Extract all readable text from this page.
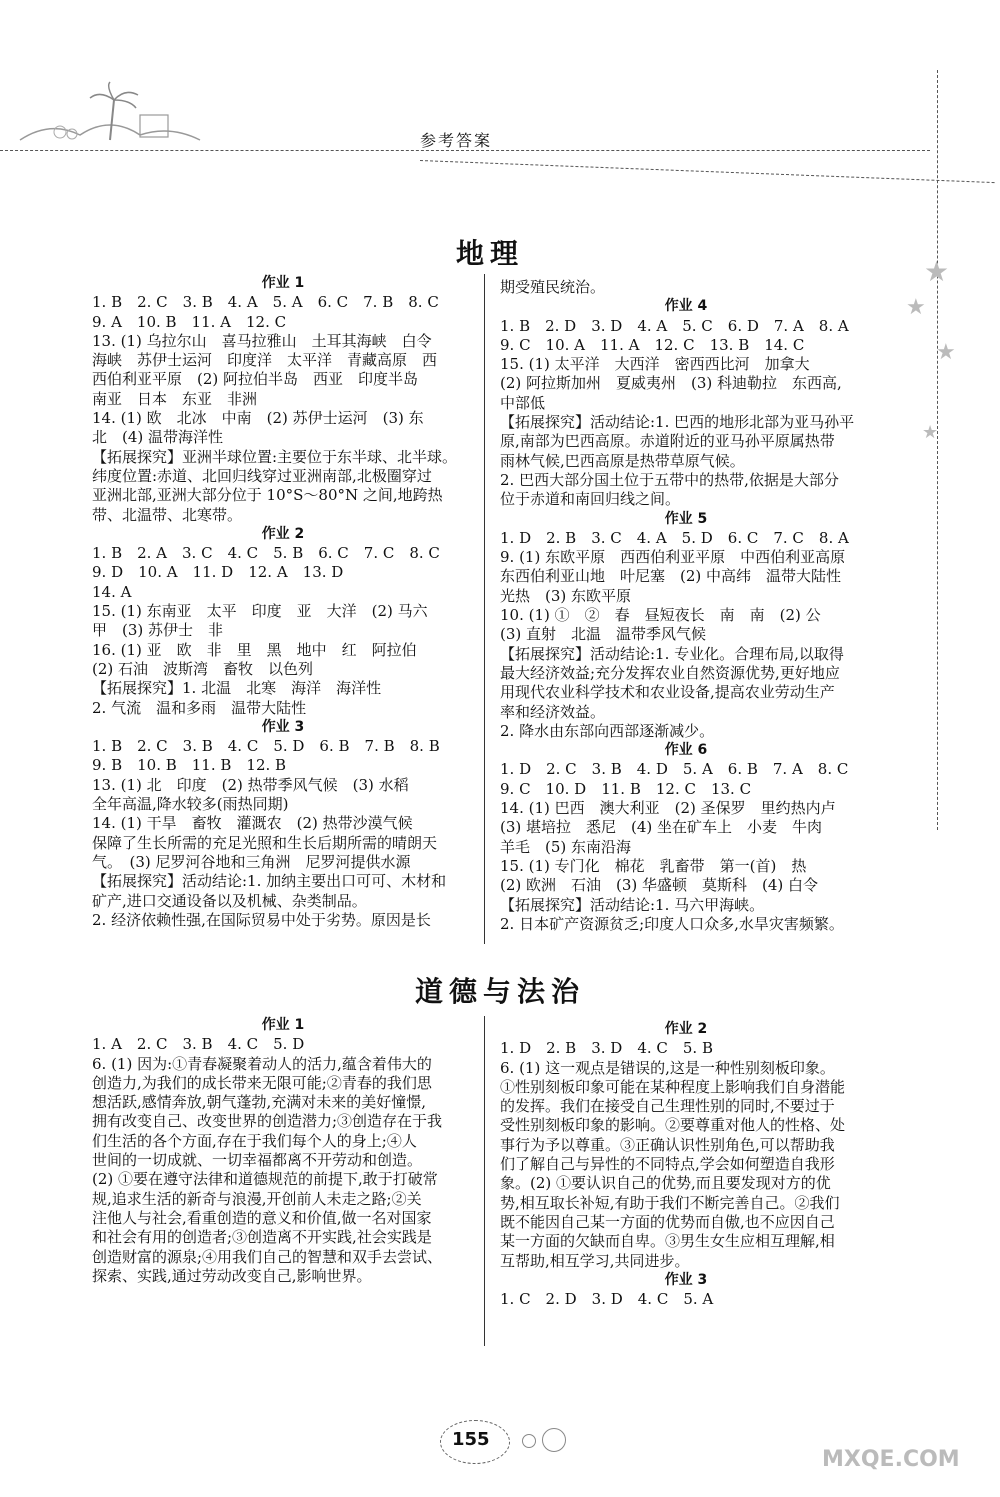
参考答案
★
★
★
★
地理
作业 1
1. B　2. C　3. B　4. A　5. A　6. C　7. B　8. C
9. A　10. B　11. A　12. C
13. (1) 乌拉尔山　喜马拉雅山　土耳其海峡　白令
海峡　苏伊士运河　印度洋　太平洋　青藏高原　西
西伯利亚平原　(2) 阿拉伯半岛　西亚　印度半岛
南亚　日本　东亚　非洲
14. (1) 欧　北冰　中南　(2) 苏伊士运河　(3) 东
北　(4) 温带海洋性
【拓展探究】亚洲半球位置:主要位于东半球、北半球。
纬度位置:赤道、北回归线穿过亚洲南部,北极圈穿过
亚洲北部,亚洲大部分位于 10°S～80°N 之间,地跨热
带、北温带、北寒带。
作业 2
1. B　2. A　3. C　4. C　5. B　6. C　7. C　8. C
9. D　10. A　11. D　12. A　13. D
14. A
15. (1) 东南亚　太平　印度　亚　大洋　(2) 马六
甲　(3) 苏伊士　非
16. (1) 亚　欧　非　里　黑　地中　红　阿拉伯
(2) 石油　波斯湾　畜牧　以色列
【拓展探究】1. 北温　北寒　海洋　海洋性
2. 气流　温和多雨　温带大陆性
作业 3
1. B　2. C　3. B　4. C　5. D　6. B　7. B　8. B
9. B　10. B　11. B　12. B
13. (1) 北　印度　(2) 热带季风气候　(3) 水稻
全年高温,降水较多(雨热同期)
14. (1) 干旱　畜牧　灌溉农　(2) 热带沙漠气候
保障了生长所需的充足光照和生长后期所需的晴朗天
气。　(3) 尼罗河谷地和三角洲　尼罗河提供水源
【拓展探究】活动结论:1. 加纳主要出口可可、木材和
矿产,进口交通设备以及机械、杂类制品。
2. 经济依赖性强,在国际贸易中处于劣势。原因是长
期受殖民统治。
作业 4
1. B　2. D　3. D　4. A　5. C　6. D　7. A　8. A
9. C　10. A　11. A　12. C　13. B　14. C
15. (1) 太平洋　大西洋　密西西比河　加拿大
(2) 阿拉斯加州　夏威夷州　(3) 科迪勒拉　东西高,
中部低
【拓展探究】活动结论:1. 巴西的地形北部为亚马孙平
原,南部为巴西高原。赤道附近的亚马孙平原属热带
雨林气候,巴西高原是热带草原气候。
2. 巴西大部分国土位于五带中的热带,依据是大部分
位于赤道和南回归线之间。
作业 5
1. D　2. B　3. C　4. A　5. D　6. C　7. C　8. A
9. (1) 东欧平原　西西伯利亚平原　中西伯利亚高原
东西伯利亚山地　叶尼塞　(2) 中高纬　温带大陆性
光热　(3) 东欧平原
10. (1) ①　②　春　昼短夜长　南　南　(2) 公
(3) 直射　北温　温带季风气候
【拓展探究】活动结论:1. 专业化。合理布局,以取得
最大经济效益;充分发挥农业自然资源优势,更好地应
用现代农业科学技术和农业设备,提高农业劳动生产
率和经济效益。
2. 降水由东部向西部逐渐减少。
作业 6
1. D　2. C　3. B　4. D　5. A　6. B　7. A　8. C
9. C　10. D　11. B　12. C　13. C
14. (1) 巴西　澳大利亚　(2) 圣保罗　里约热内卢
(3) 堪培拉　悉尼　(4) 坐在矿车上　小麦　牛肉
羊毛　(5) 东南沿海
15. (1) 专门化　棉花　乳畜带　第一(首)　热
(2) 欧洲　石油　(3) 华盛顿　莫斯科　(4) 白令
【拓展探究】活动结论:1. 马六甲海峡。
2. 日本矿产资源贫乏;印度人口众多,水旱灾害频繁。
道德与法治
作业 1
1. A　2. C　3. B　4. C　5. D
6. (1) 因为:①青春凝聚着动人的活力,蕴含着伟大的
创造力,为我们的成长带来无限可能;②青春的我们思
想活跃,感情奔放,朝气蓬勃,充满对未来的美好憧憬,
拥有改变自己、改变世界的创造潜力;③创造存在于我
们生活的各个方面,存在于我们每个人的身上;④人
世间的一切成就、一切幸福都离不开劳动和创造。
(2) ①要在遵守法律和道德规范的前提下,敢于打破常
规,追求生活的新奇与浪漫,开创前人未走之路;②关
注他人与社会,看重创造的意义和价值,做一名对国家
和社会有用的创造者;③创造离不开实践,社会实践是
创造财富的源泉;④用我们自己的智慧和双手去尝试、
探索、实践,通过劳动改变自己,影响世界。
作业 2
1. D　2. B　3. D　4. C　5. B
6. (1) 这一观点是错误的,这是一种性别刻板印象。
①性别刻板印象可能在某种程度上影响我们自身潜能
的发挥。我们在接受自己生理性别的同时,不要过于
受性别刻板印象的影响。②要尊重对他人的性格、处
事行为予以尊重。③正确认识性别角色,可以帮助我
们了解自己与异性的不同特点,学会如何塑造自我形
象。(2) ①要认识自己的优势,而且要发现对方的优
势,相互取长补短,有助于我们不断完善自己。②我们
既不能因自己某一方面的优势而自傲,也不应因自己
某一方面的欠缺而自卑。③男生女生应相互理解,相
互帮助,相互学习,共同进步。
作业 3
1. C　2. D　3. D　4. C　5. A
155
MXQE.COM
